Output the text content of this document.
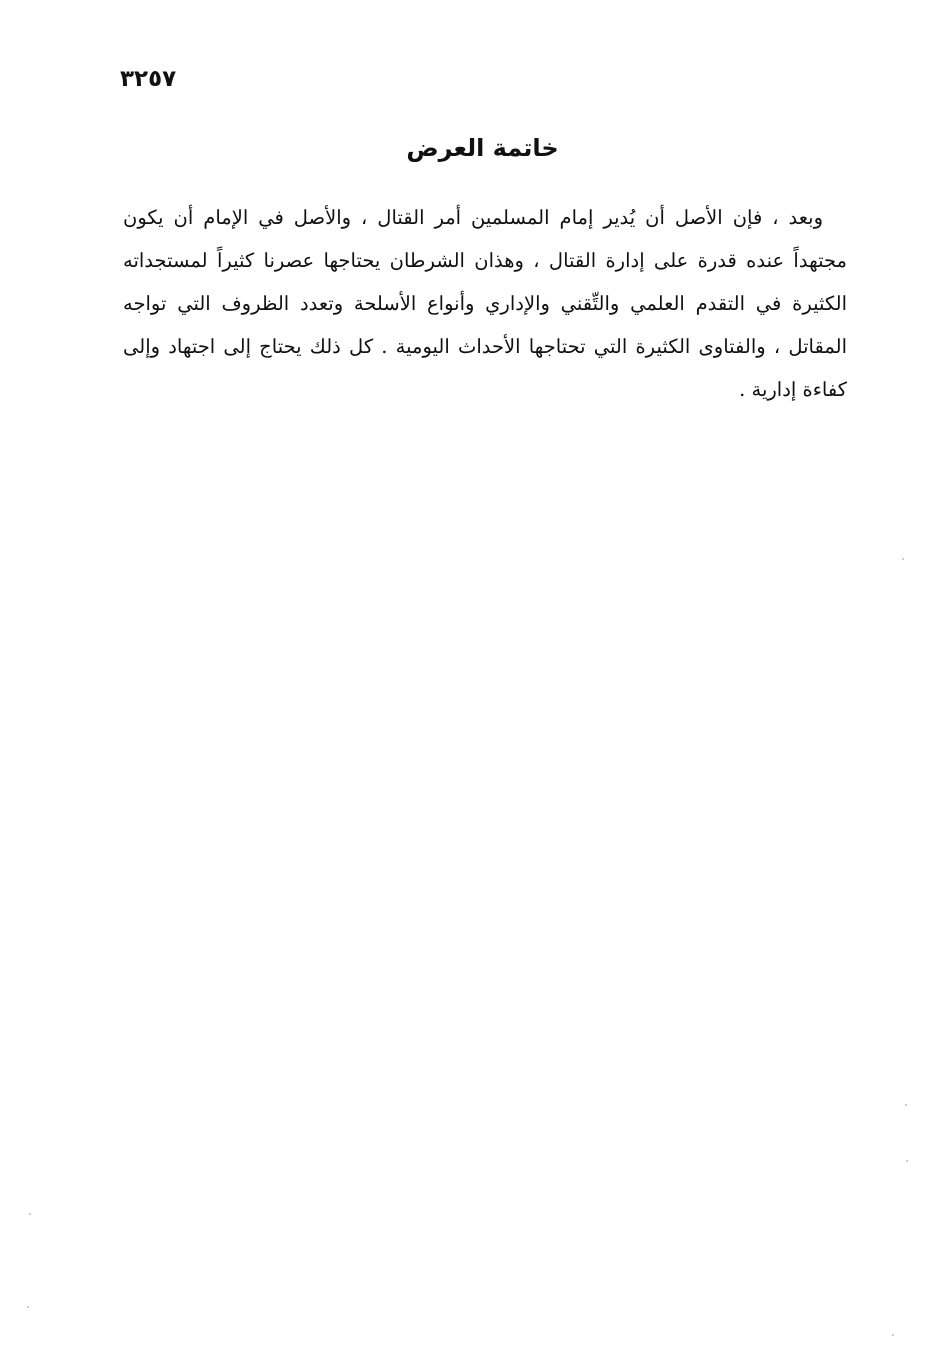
٣٢٥٧
خاتمة العرض
وبعد ، فإن الأصل أن يُدير إمام المسلمين أمر القتال ، والأصل في الإمام أن يكون مجتهداً عنده قدرة على إدارة القتال ، وهذان الشرطان يحتاجها عصرنا كثيراً لمستجداته الكثيرة في التقدم العلمي والتِّقني والإداري وأنواع الأسلحة وتعدد الظروف التي تواجه المقاتل ، والفتاوى الكثيرة التي تحتاجها الأحداث اليومية . كل ذلك يحتاج إلى اجتهاد وإلى كفاءة إدارية .
